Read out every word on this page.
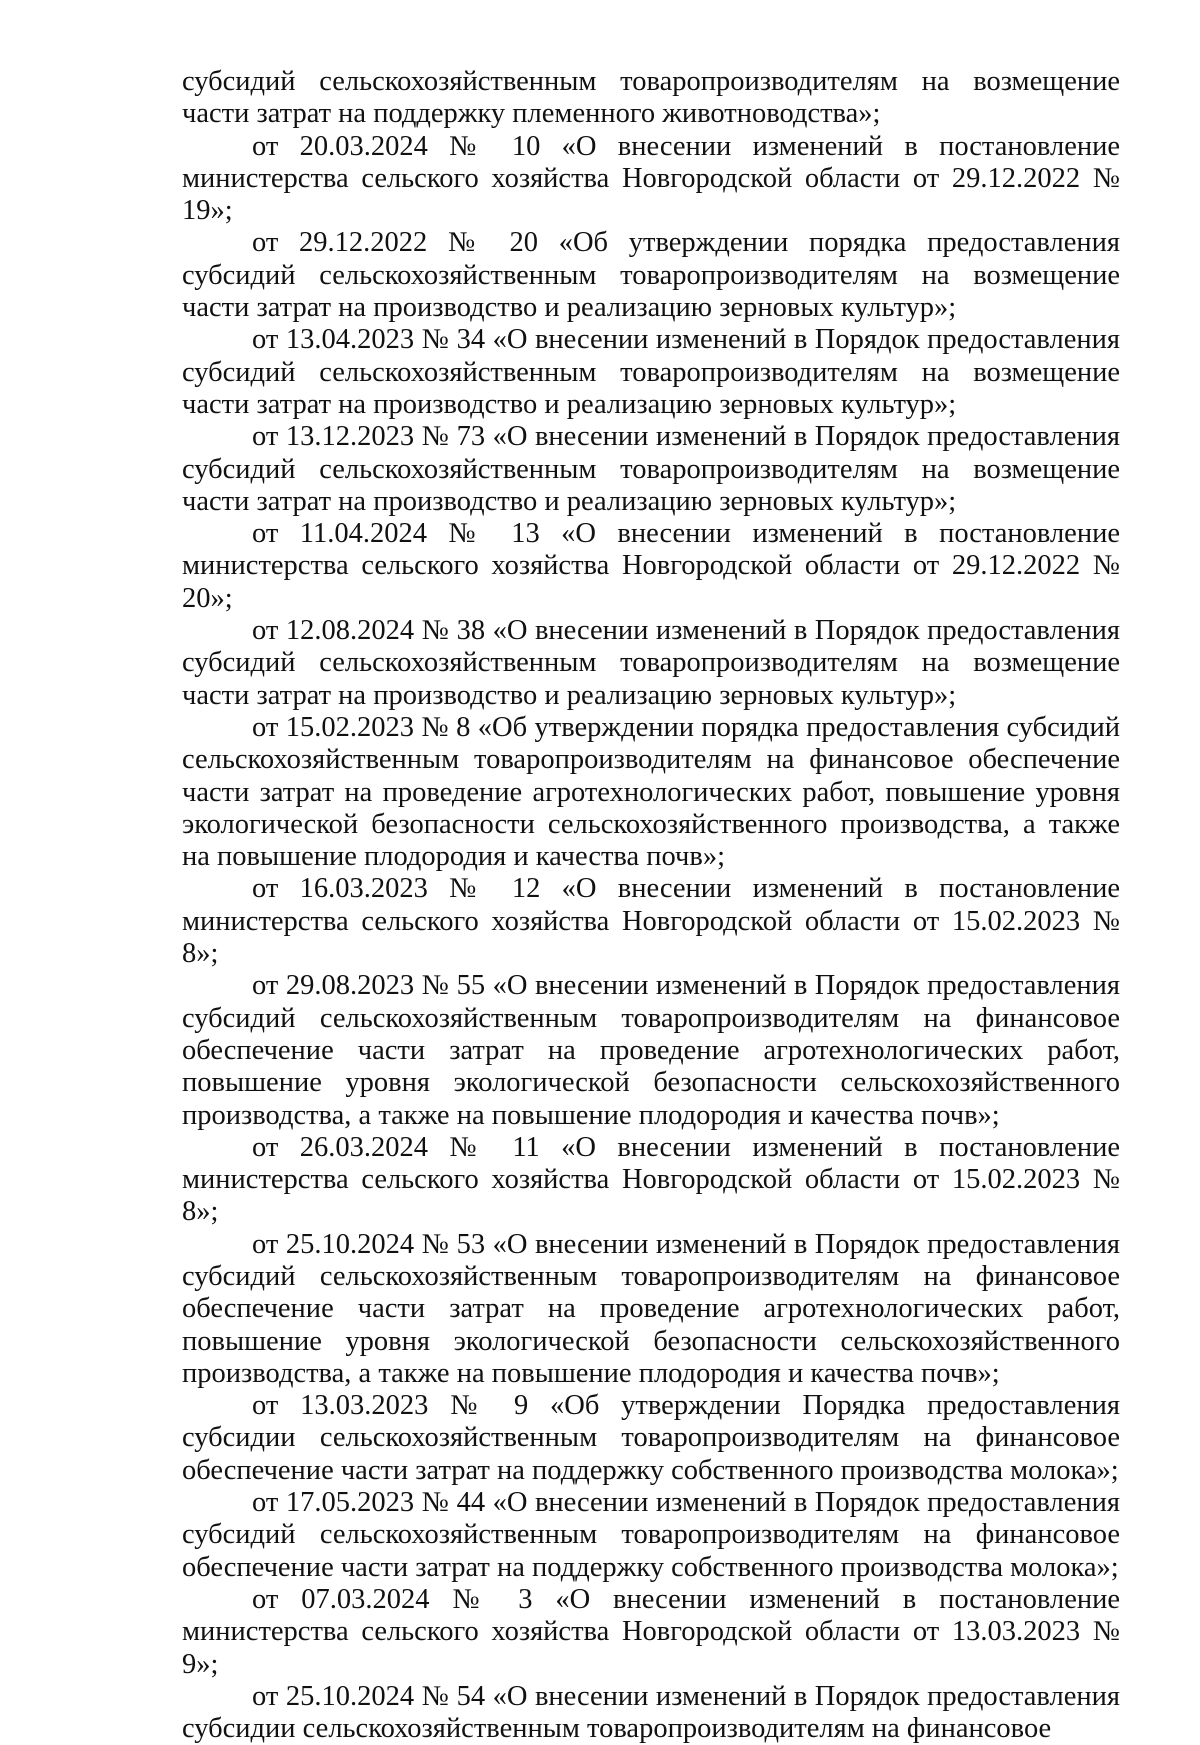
субсидий сельскохозяйственным товаропроизводителям на возмещение части затрат на поддержку племенного животноводства»;

от 20.03.2024 № 10 «О внесении изменений в постановление министерства сельского хозяйства Новгородской области от 29.12.2022 № 19»;

от 29.12.2022 № 20 «Об утверждении порядка предоставления субсидий сельскохозяйственным товаропроизводителям на возмещение части затрат на производство и реализацию зерновых культур»;

от 13.04.2023 № 34 «О внесении изменений в Порядок предоставления субсидий сельскохозяйственным товаропроизводителям на возмещение части затрат на производство и реализацию зерновых культур»;

от 13.12.2023 № 73 «О внесении изменений в Порядок предоставления субсидий сельскохозяйственным товаропроизводителям на возмещение части затрат на производство и реализацию зерновых культур»;

от 11.04.2024 № 13 «О внесении изменений в постановление министерства сельского хозяйства Новгородской области от 29.12.2022 № 20»;

от 12.08.2024 № 38 «О внесении изменений в Порядок предоставления субсидий сельскохозяйственным товаропроизводителям на возмещение части затрат на производство и реализацию зерновых культур»;

от 15.02.2023 № 8 «Об утверждении порядка предоставления субсидий сельскохозяйственным товаропроизводителям на финансовое обеспечение части затрат на проведение агротехнологических работ, повышение уровня экологической безопасности сельскохозяйственного производства, а также на повышение плодородия и качества почв»;

от 16.03.2023 № 12 «О внесении изменений в постановление министерства сельского хозяйства Новгородской области от 15.02.2023 № 8»;

от 29.08.2023 № 55 «О внесении изменений в Порядок предоставления субсидий сельскохозяйственным товаропроизводителям на финансовое обеспечение части затрат на проведение агротехнологических работ, повышение уровня экологической безопасности сельскохозяйственного производства, а также на повышение плодородия и качества почв»;

от 26.03.2024 № 11 «О внесении изменений в постановление министерства сельского хозяйства Новгородской области от 15.02.2023 № 8»;

от 25.10.2024 № 53 «О внесении изменений в Порядок предоставления субсидий сельскохозяйственным товаропроизводителям на финансовое обеспечение части затрат на проведение агротехнологических работ, повышение уровня экологической безопасности сельскохозяйственного производства, а также на повышение плодородия и качества почв»;

от 13.03.2023 № 9 «Об утверждении Порядка предоставления субсидии сельскохозяйственным товаропроизводителям на финансовое обеспечение части затрат на поддержку собственного производства молока»;

от 17.05.2023 № 44 «О внесении изменений в Порядок предоставления субсидий сельскохозяйственным товаропроизводителям на финансовое обеспечение части затрат на поддержку собственного производства молока»;

от 07.03.2024 № 3 «О внесении изменений в постановление министерства сельского хозяйства Новгородской области от 13.03.2023 № 9»;

от 25.10.2024 № 54 «О внесении изменений в Порядок предоставления субсидии сельскохозяйственным товаропроизводителям на финансовое
